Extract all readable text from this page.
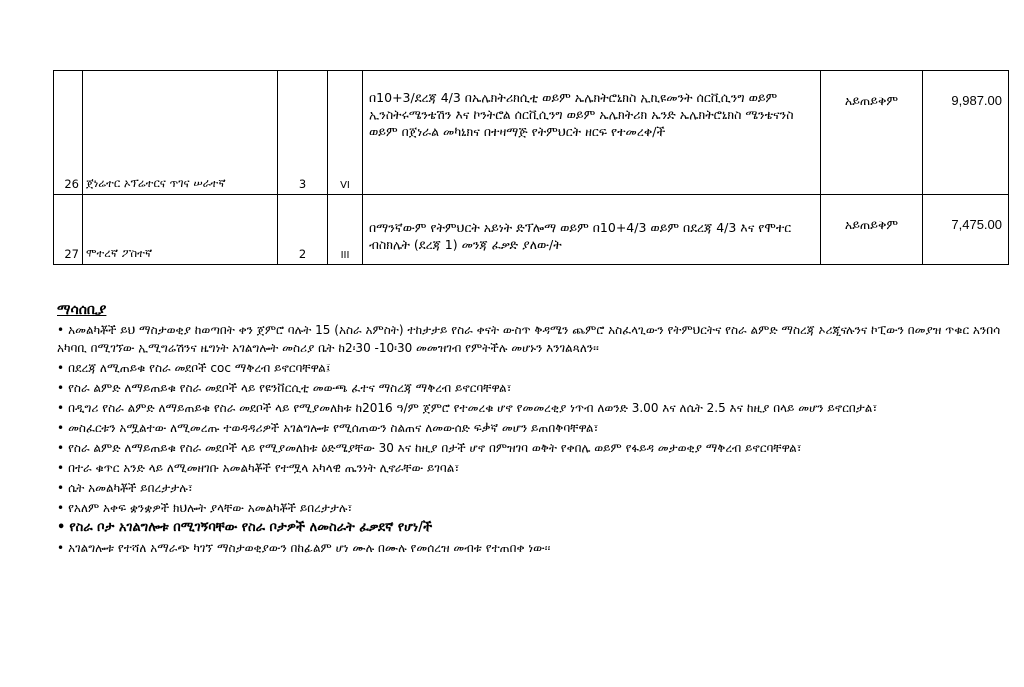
26	ጀነሬተር ኦፕሬተርና ጥገና ሠራተኛ	3	VI	በ10+3/ደረጃ 4/3 በኤሌክትሪክሲቲ ወይም ኤሌክትሮኒክስ ኢኪዩመንት ሰርቪሲንግ ወይም ኢንስትሩሜንቴሽን እና ኮንትሮል ሰርቪሲንግ ወይም ኤሌክትሪክ ኤንድ ኤሌክትሮኒክስ ሜንቴናንስ ወይም በጀነራል መካኒክና በተዛማጅ የትምህርት ዘርፍ የተመረቀ/ች	አይጠይቅም	9,987.00
27	ሞተረኛ ፖስተኛ	2	III	በማንኛውም የትምህርት አይነት ድፕሎማ ወይም በ10+4/3 ወይም በደረጃ 4/3 እና የሞተር ብስክሌት (ደረጃ 1) መንጃ ፈቃድ ያለው/ት	አይጠይቅም	7,475.00
ማሳሰቢያ
• አመልካቾች ይህ ማስታወቂያ ከወጣበት ቀን ጀምሮ ባሉት 15 (አስራ አምስት) ተከታታይ የስራ ቀናት ውስጥ ቅዳሜን ጨምሮ አስፈላጊውን የትምህርትና የስራ ልምድ ማስረጃ ኦሪጂናሉንና ኮፒውን በመያዝ ጥቁር አንበሳ አካባቢ በሚገኘው ኢሚግሬሽንና ዜግነት አገልግሎት መስሪያ ቤት ከ2፡30 -10፡30 መመዝገብ የምትችሉ መሆኑን እንገልጻለን፡፡
• በደረጃ ለሚጠይቁ የስራ መደቦች coc ማቅረብ ይኖርባቸዋል፤
• የስራ ልምድ ለማይጠይቁ የስራ መደቦች ላይ የዩንቨርሲቲ መውጫ ፈተና ማስረጃ ማቅረብ ይኖርባቸዋል፣
• በዲግሪ የስራ ልምድ ለማይጠይቁ የስራ መደቦች ላይ የሚያመለክቱ ከ2016 ዓ/ም ጀምሮ የተመረቁ ሆኖ የመመረቂያ ነጥብ ለወንድ 3.00 እና ለሴት 2.5 እና ከዚያ በላይ መሆን ይኖርበታል፣
• መስፈርቱን አሟልተው ለሚመረጡ ተወዳዳሪዎች አገልግሎቱ የሚሰጠውን ስልጠና ለመውሰድ ፍቃኛ መሆን ይጠበቅባቸዋል፣
• የስራ ልምድ ለማይጠይቁ የስራ መደቦች ላይ የሚያመለክቱ ዕድሜያቸው 30 እና ከዚያ በታች ሆኖ በምዝገባ ወቅት የቀበሌ ወይም የፋይዳ መታወቂያ ማቅረብ ይኖርባቸዋል፣
• በተራ ቁጥር አንድ ላይ ለሚመዘገቡ አመልካቾች የተሟላ አካላዊ ጤንነት ሊኖራቸው ይገባል፣
• ሴት አመልካቾች ይበረታታሉ፣
• የአለም አቀፍ ቋንቋዎች ክህሎት ያላቸው አመልካቾች ይበረታታሉ፣
• የስራ ቦታ አገልግሎቱ በሚገኝባቸው የስራ ቦታዎች ለመስራት ፈቃደኛ የሆነ/ች
• አገልግሎቱ የተሻለ አማራጭ ካገኘ ማስታወቂያውን በከፊልም ሆነ ሙሉ በሙሉ የመሰረዝ መብቱ የተጠበቀ ነው፡፡
